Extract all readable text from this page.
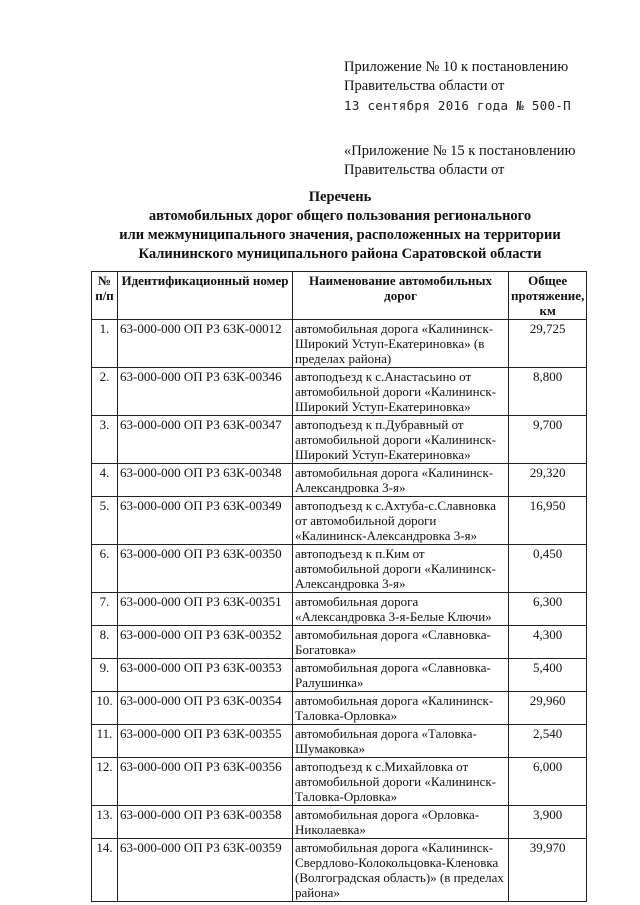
Приложение № 10 к постановлению
Правительства области от
13 сентября 2016 года № 500-П
«Приложение № 15 к постановлению
Правительства области от
Перечень
автомобильных дорог общего пользования регионального
или межмуниципального значения, расположенных на территории
Калининского муниципального района Саратовской области
№ п/п	Идентификационный номер	Наименование автомобильных дорог	Общее протяжение, км
1.	63-000-000 ОП РЗ 63К-00012	автомобильная дорога «Калининск-Широкий Уступ-Екатериновка» (в пределах района)	29,725
2.	63-000-000 ОП РЗ 63К-00346	автоподъезд к с.Анастасьино от автомобильной дороги «Калининск-Широкий Уступ-Екатериновка»	8,800
3.	63-000-000 ОП РЗ 63К-00347	автоподъезд к п.Дубравный от автомобильной дороги «Калининск-Широкий Уступ-Екатериновка»	9,700
4.	63-000-000 ОП РЗ 63К-00348	автомобильная дорога «Калининск-Александровка 3-я»	29,320
5.	63-000-000 ОП РЗ 63К-00349	автоподъезд к с.Ахтуба-с.Славновка от автомобильной дороги «Калининск-Александровка 3-я»	16,950
6.	63-000-000 ОП РЗ 63К-00350	автоподъезд к п.Ким от автомобильной дороги «Калининск-Александровка 3-я»	0,450
7.	63-000-000 ОП РЗ 63К-00351	автомобильная дорога «Александровка 3-я-Белые Ключи»	6,300
8.	63-000-000 ОП РЗ 63К-00352	автомобильная дорога «Славновка-Богатовка»	4,300
9.	63-000-000 ОП РЗ 63К-00353	автомобильная дорога «Славновка-Ралушинка»	5,400
10.	63-000-000 ОП РЗ 63К-00354	автомобильная дорога «Калининск-Таловка-Орловка»	29,960
11.	63-000-000 ОП РЗ 63К-00355	автомобильная дорога «Таловка-Шумаковка»	2,540
12.	63-000-000 ОП РЗ 63К-00356	автоподъезд к с.Михайловка от автомобильной дороги «Калининск-Таловка-Орловка»	6,000
13.	63-000-000 ОП РЗ 63К-00358	автомобильная дорога «Орловка-Николаевка»	3,900
14.	63-000-000 ОП РЗ 63К-00359	автомобильная дорога «Калининск-Свердлово-Колокольцовка-Кленовка (Волгоградская область)» (в пределах района»	39,970
